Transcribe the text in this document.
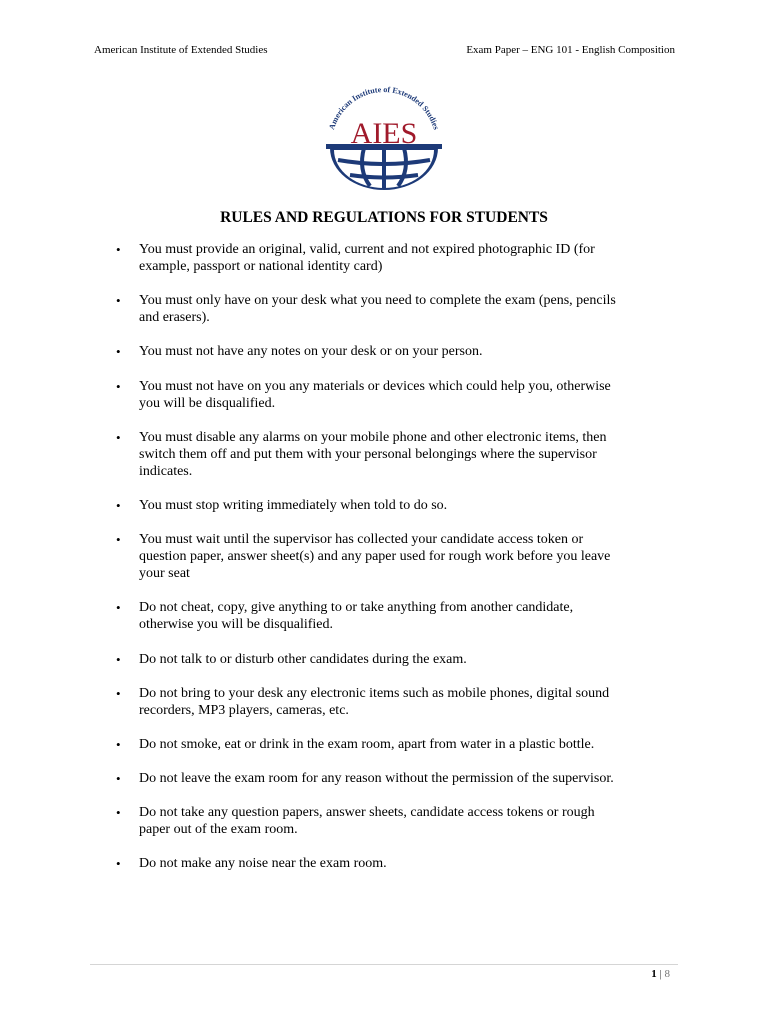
American Institute of Extended Studies	Exam Paper – ENG 101 - English Composition
American Institute of Extended Studies
AIES
RULES AND REGULATIONS FOR STUDENTS
• You must provide an original, valid, current and not expired photographic ID (for
example, passport or national identity card)
• You must only have on your desk what you need to complete the exam (pens, pencils
and erasers).
• You must not have any notes on your desk or on your person.
• You must not have on you any materials or devices which could help you, otherwise
you will be disqualified.
• You must disable any alarms on your mobile phone and other electronic items, then
switch them off and put them with your personal belongings where the supervisor
indicates.
• You must stop writing immediately when told to do so.
• You must wait until the supervisor has collected your candidate access token or
question paper, answer sheet(s) and any paper used for rough work before you leave
your seat
• Do not cheat, copy, give anything to or take anything from another candidate,
otherwise you will be disqualified.
• Do not talk to or disturb other candidates during the exam.
• Do not bring to your desk any electronic items such as mobile phones, digital sound
recorders, MP3 players, cameras, etc.
• Do not smoke, eat or drink in the exam room, apart from water in a plastic bottle.
• Do not leave the exam room for any reason without the permission of the supervisor.
• Do not take any question papers, answer sheets, candidate access tokens or rough
paper out of the exam room.
• Do not make any noise near the exam room.
1 | 8
